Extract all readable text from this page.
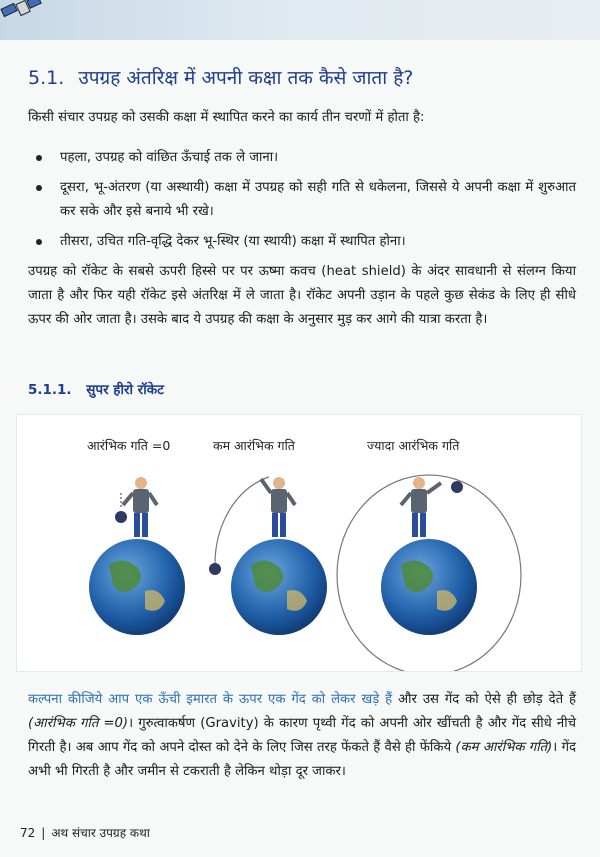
5.1. उपग्रह अंतरिक्ष में अपनी कक्षा तक कैसे जाता है?

किसी संचार उपग्रह को उसकी कक्षा में स्थापित करने का कार्य तीन चरणों में होता है:

पहला, उपग्रह को वांछित ऊँचाई तक ले जाना।
दूसरा, भू-अंतरण (या अस्थायी) कक्षा में उपग्रह को सही गति से धकेलना, जिससे ये अपनी कक्षा में शुरुआत कर सके और इसे बनाये भी रखे।
तीसरा, उचित गति-वृद्धि देकर भू-स्थिर (या स्थायी) कक्षा में स्थापित होना।

उपग्रह को रॉकेट के सबसे ऊपरी हिस्से पर पर ऊष्मा कवच (heat shield) के अंदर सावधानी से संलग्न किया जाता है और फिर यही रॉकेट इसे अंतरिक्ष में ले जाता है। रॉकेट अपनी उड़ान के पहले कुछ सेकंड के लिए ही सीधे ऊपर की ओर जाता है। उसके बाद ये उपग्रह की कक्षा के अनुसार मुड़ कर आगे की यात्रा करता है।

5.1.1. सुपर हीरो रॉकेट
आरंभिक गति =0	कम आरंभिक गति	ज्यादा आरंभिक गति

कल्पना कीजिये आप एक ऊँची इमारत के ऊपर एक गेंद को लेकर खड़े हैं और उस गेंद को ऐसे ही छोड़ देते हैं (आरंभिक गति =0)। गुरुत्वाकर्षण (Gravity) के कारण पृथ्वी गेंद को अपनी ओर खींचती है और गेंद सीधे नीचे गिरती है। अब आप गेंद को अपने दोस्त को देने के लिए जिस तरह फेंकते हैं वैसे ही फेंकिये (कम आरंभिक गति)। गेंद अभी भी गिरती है और जमीन से टकराती है लेकिन थोड़ा दूर जाकर।

72 | अथ संचार उपग्रह कथा
